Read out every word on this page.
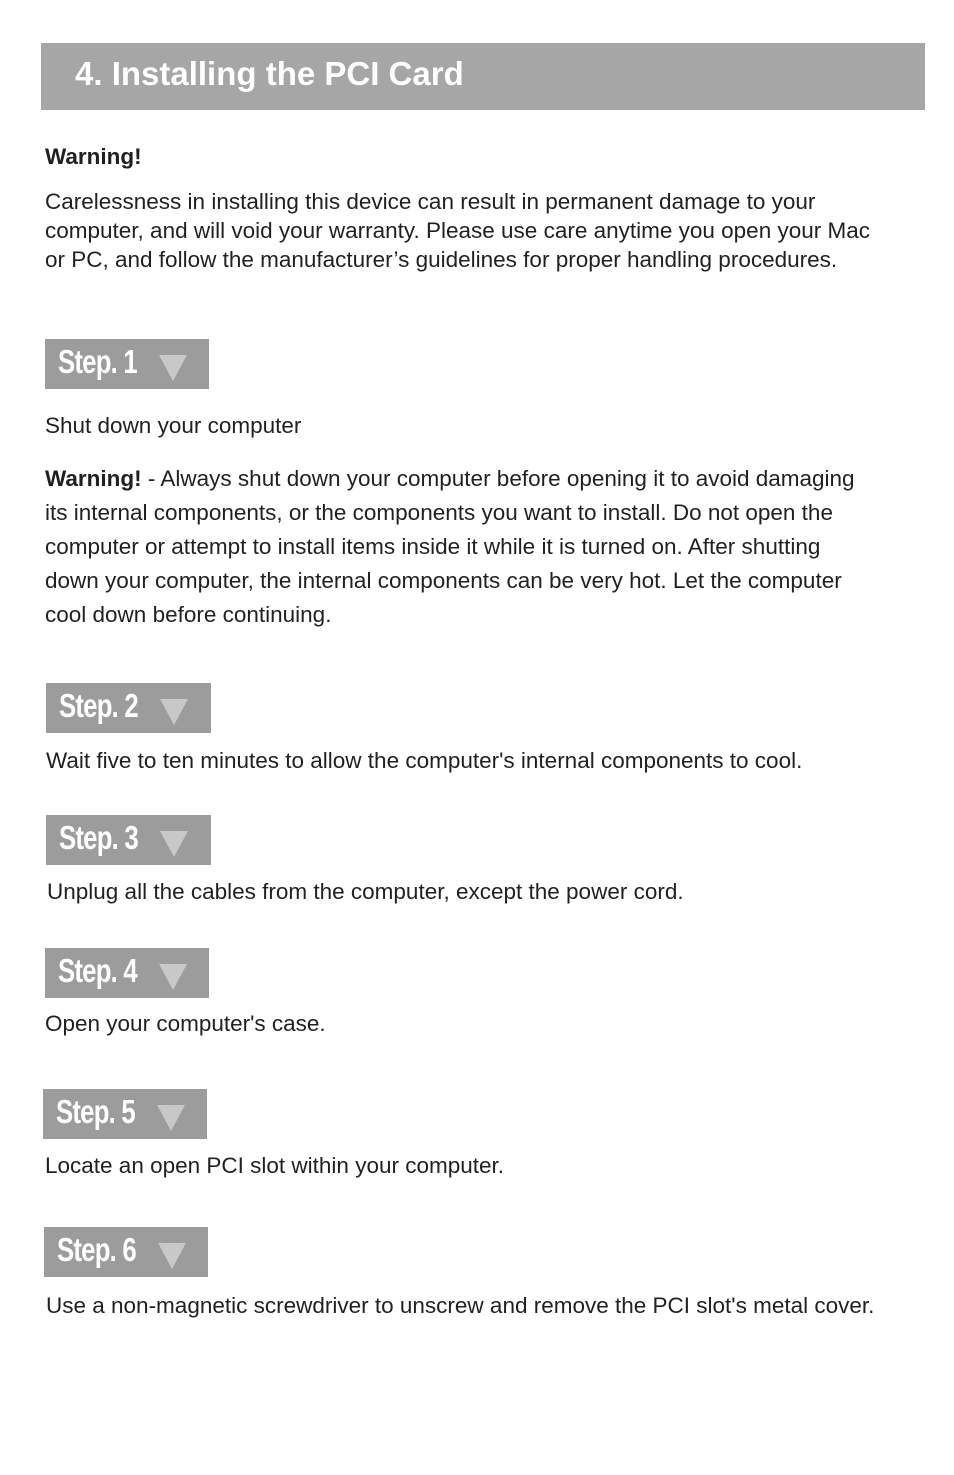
4. Installing the PCI Card
Warning!
Carelessness in installing this device can result in permanent damage to your
computer, and will void your warranty. Please use care anytime you open your Mac
or PC, and follow the manufacturer’s guidelines for proper handling procedures.
Step. 1
Shut down your computer
Warning! - Always shut down your computer before opening it to avoid damaging
its internal components, or the components you want to install. Do not open the
computer or attempt to install items inside it while it is turned on. After shutting
down your computer, the internal components can be very hot. Let the computer
cool down before continuing.
Step. 2
Wait five to ten minutes to allow the computer's internal components to cool.
Step. 3
Unplug all the cables from the computer, except the power cord.
Step. 4
Open your computer's case.
Step. 5
Locate an open PCI slot within your computer.
Step. 6
Use a non-magnetic screwdriver to unscrew and remove the PCI slot's metal cover.
